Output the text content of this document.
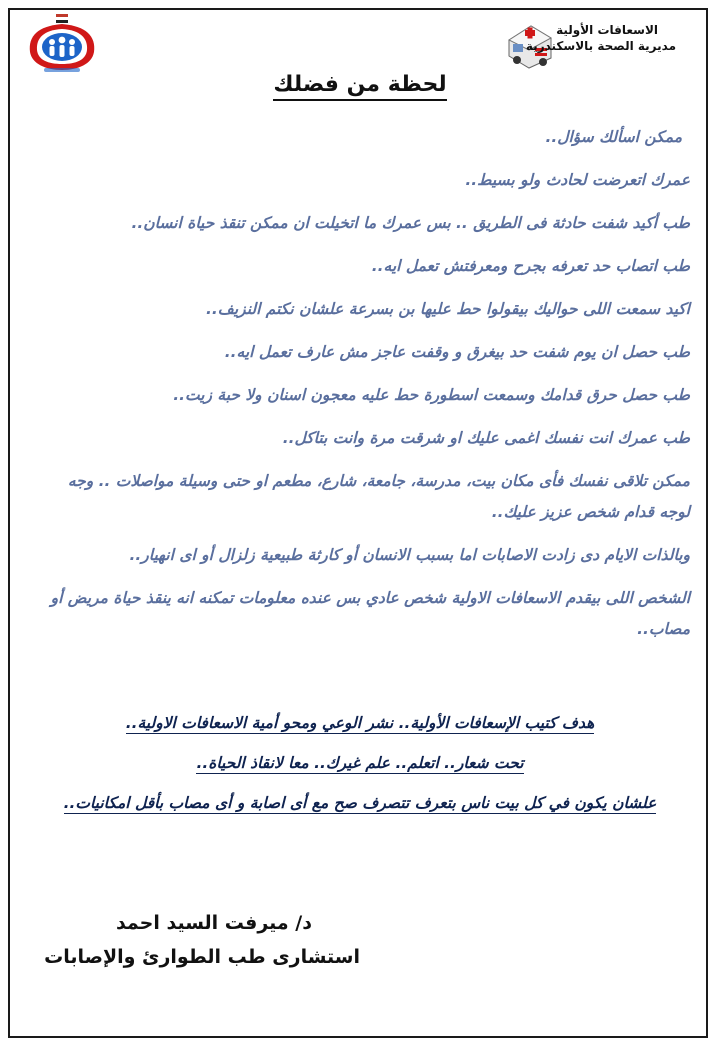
الاسعافات الأولية
مديرية الصحة بالاسكندرية
لحظة من فضلك
ممكن اسألك سؤال..
عمرك اتعرضت لحادث ولو بسيط..
طب أكيد شفت حادثة فى الطريق .. بس عمرك ما اتخيلت ان ممكن تنقذ حياة انسان..
طب اتصاب حد تعرفه بجرح ومعرفتش تعمل ايه..
اكيد سمعت اللى حواليك بيقولوا حط عليها بن بسرعة علشان نكتم النزيف..
طب حصل ان يوم شفت حد بيغرق و وقفت عاجز مش عارف تعمل ايه..
طب حصل حرق قدامك وسمعت اسطورة حط عليه معجون اسنان ولا حبة زيت..
طب عمرك انت نفسك اغمى عليك او شرقت مرة وانت بتاكل..
ممكن تلاقى نفسك فأى مكان بيت، مدرسة، جامعة، شارع، مطعم او حتى وسيلة مواصلات .. وجه لوجه قدام شخص عزيز عليك..
وبالذات الايام دى زادت الاصابات اما بسبب الانسان أو كارثة طبيعية زلزال أو اى انهيار..
الشخص اللى بيقدم الاسعافات الاولية شخص عادي بس عنده معلومات تمكنه انه ينقذ حياة مريض أو مصاب..
هدف كتيب الإسعافات الأولية.. نشر الوعي ومحو أمية الاسعافات الاولية..
تحت شعار.. اتعلم.. علم غيرك.. معا لانقاذ الحياة..
علشان يكون في كل بيت ناس بتعرف تتصرف صح مع أى اصابة و أى مصاب بأقل امكانيات..
د/ ميرفت السيد احمد
استشارى طب الطوارئ والإصابات
